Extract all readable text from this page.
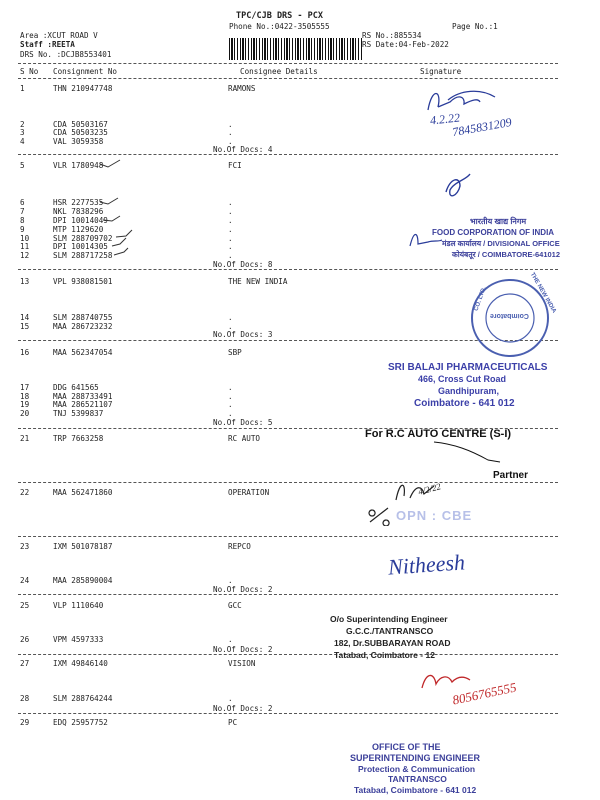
TPC/CJB DRS - PCX
Phone No.:0422-3505555	Page No.:1
Area :XCUT ROAD V
Staff :REETA
DRS No. :DCJB8553401
RS No.:885534
RS Date:04-Feb-2022
S No Consignment No	Consignee Details	Signature
1	THN 210947748	RAMONS
2	CDA 50503167	.
3	CDA 50503235	.
4	VAL 3059358	.
No.Of Docs: 4
5	VLR 1780948	FCI
6	HSR 2277535	.
7	NKL 7838296	.
8	DPI 10014049	.
9	MTP 1129620	.
10	SLM 288709702	.
11	DPI 10014305	.
12	SLM 288717258	.
No.Of Docs: 8
13	VPL 938081501	THE NEW INDIA
14	SLM 288740755	.
15	MAA 286723232	.
No.Of Docs: 3
16	MAA 562347054	SBP
17	DDG 641565	.
18	MAA 288733491	.
19	MAA 286521107	.
20	TNJ 5399837	.
No.Of Docs: 5
21	TRP 7663258	RC AUTO
22	MAA 562471860	OPERATION
23	IXM 501078187	REPCO
24	MAA 285890004	.
No.Of Docs: 2
25	VLP 1110640	GCC
26	VPM 4597333	.
No.Of Docs: 2
27	IXM 49846140	VISION
28	SLM 288764244	.
No.Of Docs: 2
29	EDQ 25957752	PC
4.2.22
7845831209
भारतीय खाद्य निगम
FOOD CORPORATION OF INDIA
मंडल कार्यालय / DIVISIONAL OFFICE
कोयंबतूर / COIMBATORE-641012
THE NEW INDIA
Coimbatore
CO. LTD.
SRI BALAJI PHARMACEUTICALS
466, Cross Cut Road
Gandhipuram,
Coimbatore - 641 012
For R.C AUTO CENTRE (S-I)
Partner
4/2/22
OPN : CBE
Nitheesh
O/o Superintending Engineer
G.C.C./TANTRANSCO
182, Dr.SUBBARAYAN ROAD
Tatabad, Coimbatore - 12
8056765555
OFFICE OF THE
SUPERINTENDING ENGINEER
Protection & Communication
TANTRANSCO
Tatabad, Coimbatore - 641 012
